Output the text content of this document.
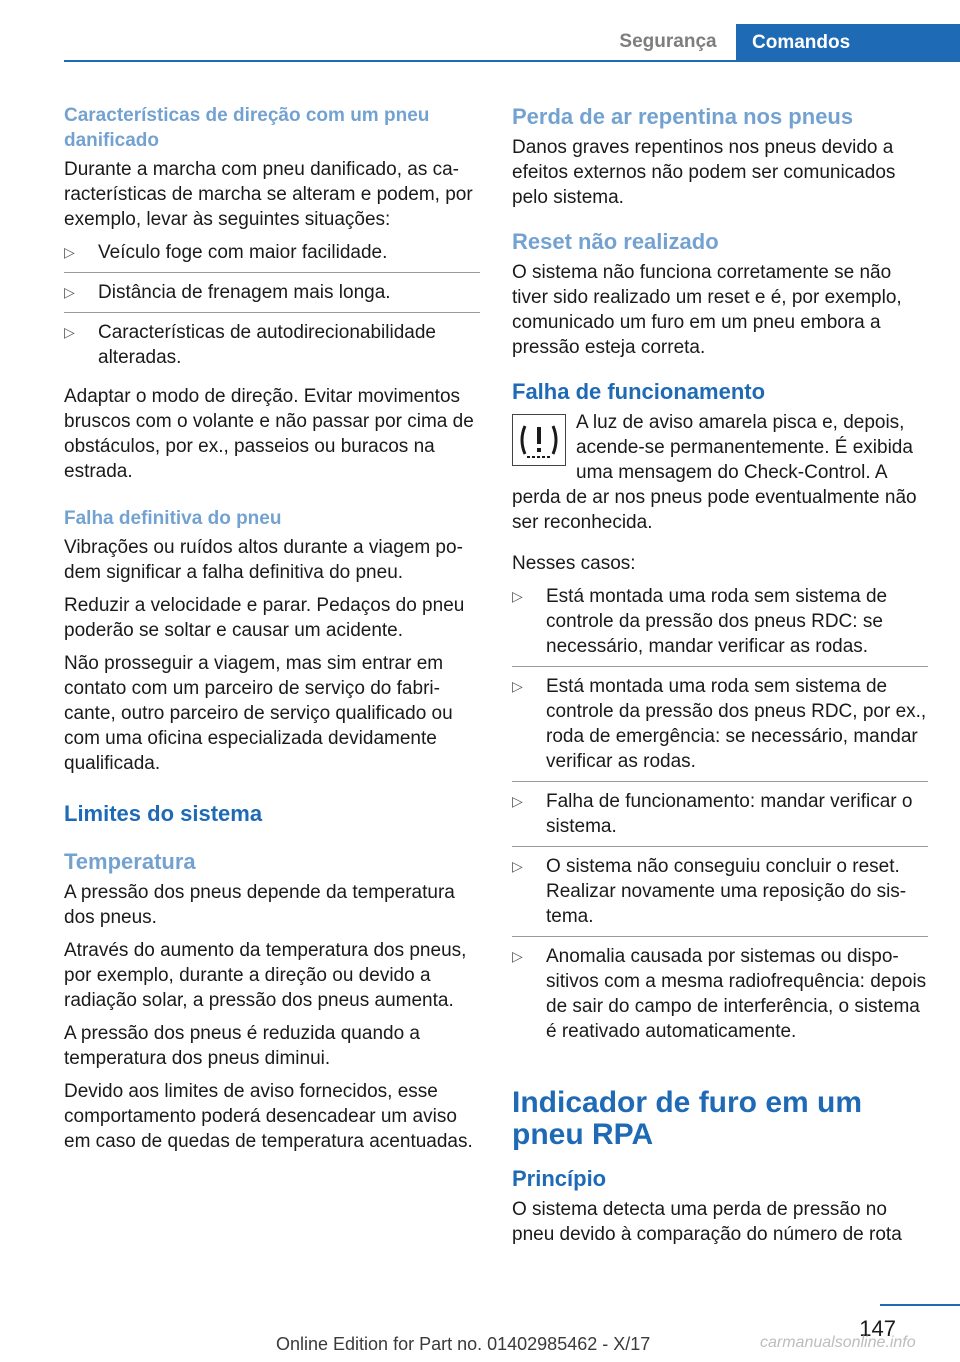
Segurança	Comandos
Características de direção com um pneu danificado

Durante a marcha com pneu danificado, as características de marcha se alteram e podem, por exemplo, levar às seguintes situações:

▷ Veículo foge com maior facilidade.
▷ Distância de frenagem mais longa.
▷ Características de autodirecionabilidade alteradas.

Adaptar o modo de direção. Evitar movimentos bruscos com o volante e não passar por cima de obstáculos, por ex., passeios ou buracos na estrada.

Falha definitiva do pneu

Vibrações ou ruídos altos durante a viagem podem significar a falha definitiva do pneu.

Reduzir a velocidade e parar. Pedaços do pneu poderão se soltar e causar um acidente.

Não prosseguir a viagem, mas sim entrar em contato com um parceiro de serviço do fabricante, outro parceiro de serviço qualificado ou com uma oficina especializada devidamente qualificada.

Limites do sistema
Temperatura

A pressão dos pneus depende da temperatura dos pneus.

Através do aumento da temperatura dos pneus, por exemplo, durante a direção ou devido a radiação solar, a pressão dos pneus aumenta.

A pressão dos pneus é reduzida quando a temperatura dos pneus diminui.

Devido aos limites de aviso fornecidos, esse comportamento poderá desencadear um aviso em caso de quedas de temperatura acentuadas.

Perda de ar repentina nos pneus

Danos graves repentinos nos pneus devido a efeitos externos não podem ser comunicados pelo sistema.

Reset não realizado

O sistema não funciona corretamente se não tiver sido realizado um reset e é, por exemplo, comunicado um furo em um pneu embora a pressão esteja correta.

Falha de funcionamento

A luz de aviso amarela pisca e, depois, acende-se permanentemente. É exibida uma mensagem do Check-Control. A perda de ar nos pneus pode eventualmente não ser reconhecida.

Nesses casos:

▷ Está montada uma roda sem sistema de controle da pressão dos pneus RDC: se necessário, mandar verificar as rodas.
▷ Está montada uma roda sem sistema de controle da pressão dos pneus RDC, por ex., roda de emergência: se necessário, mandar verificar as rodas.
▷ Falha de funcionamento: mandar verificar o sistema.
▷ O sistema não conseguiu concluir o reset. Realizar novamente uma reposição do sistema.
▷ Anomalia causada por sistemas ou dispositivos com a mesma radiofrequência: depois de sair do campo de interferência, o sistema é reativado automaticamente.
Indicador de furo em um pneu RPA
Princípio

O sistema detecta uma perda de pressão no pneu devido à comparação do número de rota

147
Online Edition for Part no. 01402985462 - X/17	carmanualsonline.info
